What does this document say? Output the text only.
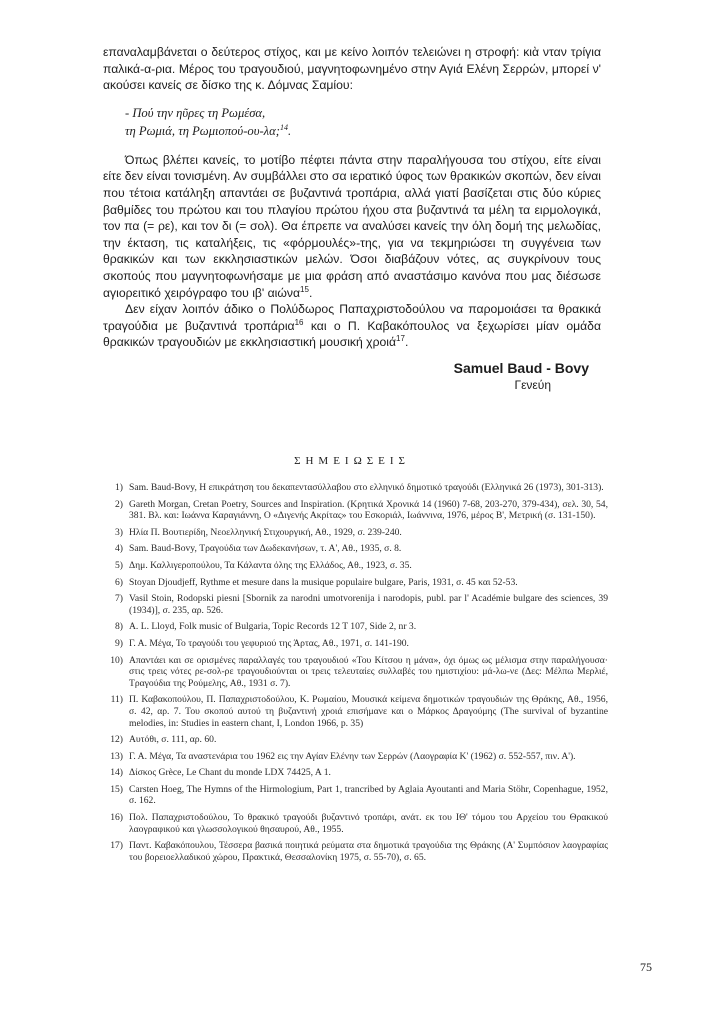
επαναλαμβάνεται ο δεύτερος στίχος, και με κείνο λοιπόν τελειώνει η στροφή: κιὰ νταν τρίγια παλικά-α-ρια. Μέρος του τραγουδιού, μαγνητοφωνημένο στην Αγιά Ελένη Σερρών, μπορεί ν' ακούσει κανείς σε δίσκο της κ. Δόμνας Σαμίου:

- Πού την ηῦρες τη Ρωμέσα,
τη Ρωμιά, τη Ρωμιοπού-ου-λα;$^{14}$.

Όπως βλέπει κανείς, το μοτίβο πέφτει πάντα στην παραλήγουσα του στίχου, είτε είναι είτε δεν είναι τονισμένη. Αν συμβάλλει στο σα ιερατικό ύφος των θρακικών σκοπών, δεν είναι που τέτοια κατάληξη απαντάει σε βυζαντινά τροπάρια, αλλά γιατί βασίζεται στις δύο κύριες βαθμίδες του πρώτου και του πλαγίου πρώτου ήχου στα βυζαντινά τα μέλη τα ειρμολογικά, τον πα (= ρε), και τον δι (= σολ). Θα έπρεπε να αναλύσει κανείς την όλη δομή της μελωδίας, την έκταση, τις καταλήξεις, τις «φόρμουλές»-της, για να τεκμηριώσει τη συγγένεια των θρακικών και των εκκλησιαστικών μελών. Όσοι διαβάζουν νότες, ας συγκρίνουν τους σκοπούς που μαγνητοφωνήσαμε με μια φράση από αναστάσιμο κανόνα που μας διέσωσε αγιορειτικό χειρόγραφο του ιβ' αιώνα$^{15}$.

Δεν είχαν λοιπόν άδικο ο Πολύδωρος Παπαχριστοδούλου να παρομοιάσει τα θρακικά τραγούδια με βυζαντινά τροπάρια$^{16}$ και ο Π. Καβακόπουλος να ξεχωρίσει μίαν ομάδα θρακικών τραγουδιών με εκκλησιαστική μουσική χροιά$^{17}$.

Samuel Baud - Bovy
Γενεύη
ΣΗΜΕΙΩΣΕΙΣ
1) Sam. Baud-Bovy, Η επικράτηση του δεκαπεντασύλλαβου στο ελληνικό δημοτικό τραγούδι (Ελληνικά 26 (1973), 301-313).
2) Gareth Morgan, Cretan Poetry, Sources and Inspiration. (Κρητικά Χρονικά 14 (1960) 7-68, 203-270, 379-434), σελ. 30, 54, 381. Βλ. και: Ιωάννα Καραγιάννη, Ο «Διγενής Ακρίτας» του Εσκοριάλ, Ιωάννινα, 1976, μέρος Β', Μετρική (σ. 131-150).
3) Ηλία Π. Βουτιερίδη, Νεοελληνική Στιχουργική, Αθ., 1929, σ. 239-240.
4) Sam. Baud-Bovy, Τραγούδια των Δωδεκανήσων, τ. Α', Αθ., 1935, σ. 8.
5) Δημ. Καλλιγεροπούλου, Τα Κάλαντα όλης της Ελλάδος, Αθ., 1923, σ. 35.
6) Stoyan Djoudjeff, Rythme et mesure dans la musique populaire bulgare, Paris, 1931, σ. 45 και 52-53.
7) Vasil Stoin, Rodopski piesni [Sbornik za narodni umotvorenija i narodopis, publ. par l' Académie bulgare des sciences, 39 (1934)], σ. 235, αρ. 526.
8) A. L. Lloyd, Folk music of Bulgaria, Topic Records 12 T 107, Side 2, nr 3.
9) Γ. Α. Μέγα, Το τραγούδι του γεφυριού της Άρτας, Αθ., 1971, σ. 141-190.
10) Απαντάει και σε ορισμένες παραλλαγές του τραγουδιού «Του Κίτσου η μάνα», όχι όμως ως μέλισμα στην παραλήγουσα· στις τρεις νότες ρε-σολ-ρε τραγουδιούνται οι τρεις τελευταίες συλλαβές του ημιστιχίου: μά-λω-νε (Δες: Μέλπω Μερλιέ, Τραγούδια της Ρούμελης, Αθ., 1931 σ. 7).
11) Π. Καβακοπούλου, Π. Παπαχριστοδούλου, Κ. Ρωμαίου, Μουσικά κείμενα δημοτικών τραγουδιών της Θράκης, Αθ., 1956, σ. 42, αρ. 7. Του σκοπού αυτού τη βυζαντινή χροιά επισήμανε και ο Μάρκος Δραγούμης (The survival of byzantine melodies, in: Studies in eastern chant, I, London 1966, p. 35)
12) Αυτόθι, σ. 111, αρ. 60.
13) Γ. Α. Μέγα, Τα αναστενάρια του 1962 εις την Αγίαν Ελένην των Σερρών (Λαογραφία Κ' (1962) σ. 552-557, πιν. Α').
14) Δίσκος Grèce, Le Chant du monde LDX 74425, A 1.
15) Carsten Hoeg, The Hymns of the Hirmologium, Part 1, trancribed by Aglaia Ayoutanti and Maria Stöhr, Copenhague, 1952, σ. 162.
16) Πολ. Παπαχριστοδούλου, Το θρακικό τραγούδι βυζαντινό τροπάρι, ανάτ. εκ του ΙΘ' τόμου του Αρχείου του Θρακικού λαογραφικού και γλωσσολογικού θησαυρού, Αθ., 1955.
17) Παντ. Καβακόπουλου, Τέσσερα βασικά ποιητικά ρεύματα στα δημοτικά τραγούδια της Θράκης (Α' Συμπόσιον λαογραφίας του βορειοελλαδικού χώρου, Πρακτικά, Θεσσαλονίκη 1975, σ. 55-70), σ. 65.
75
